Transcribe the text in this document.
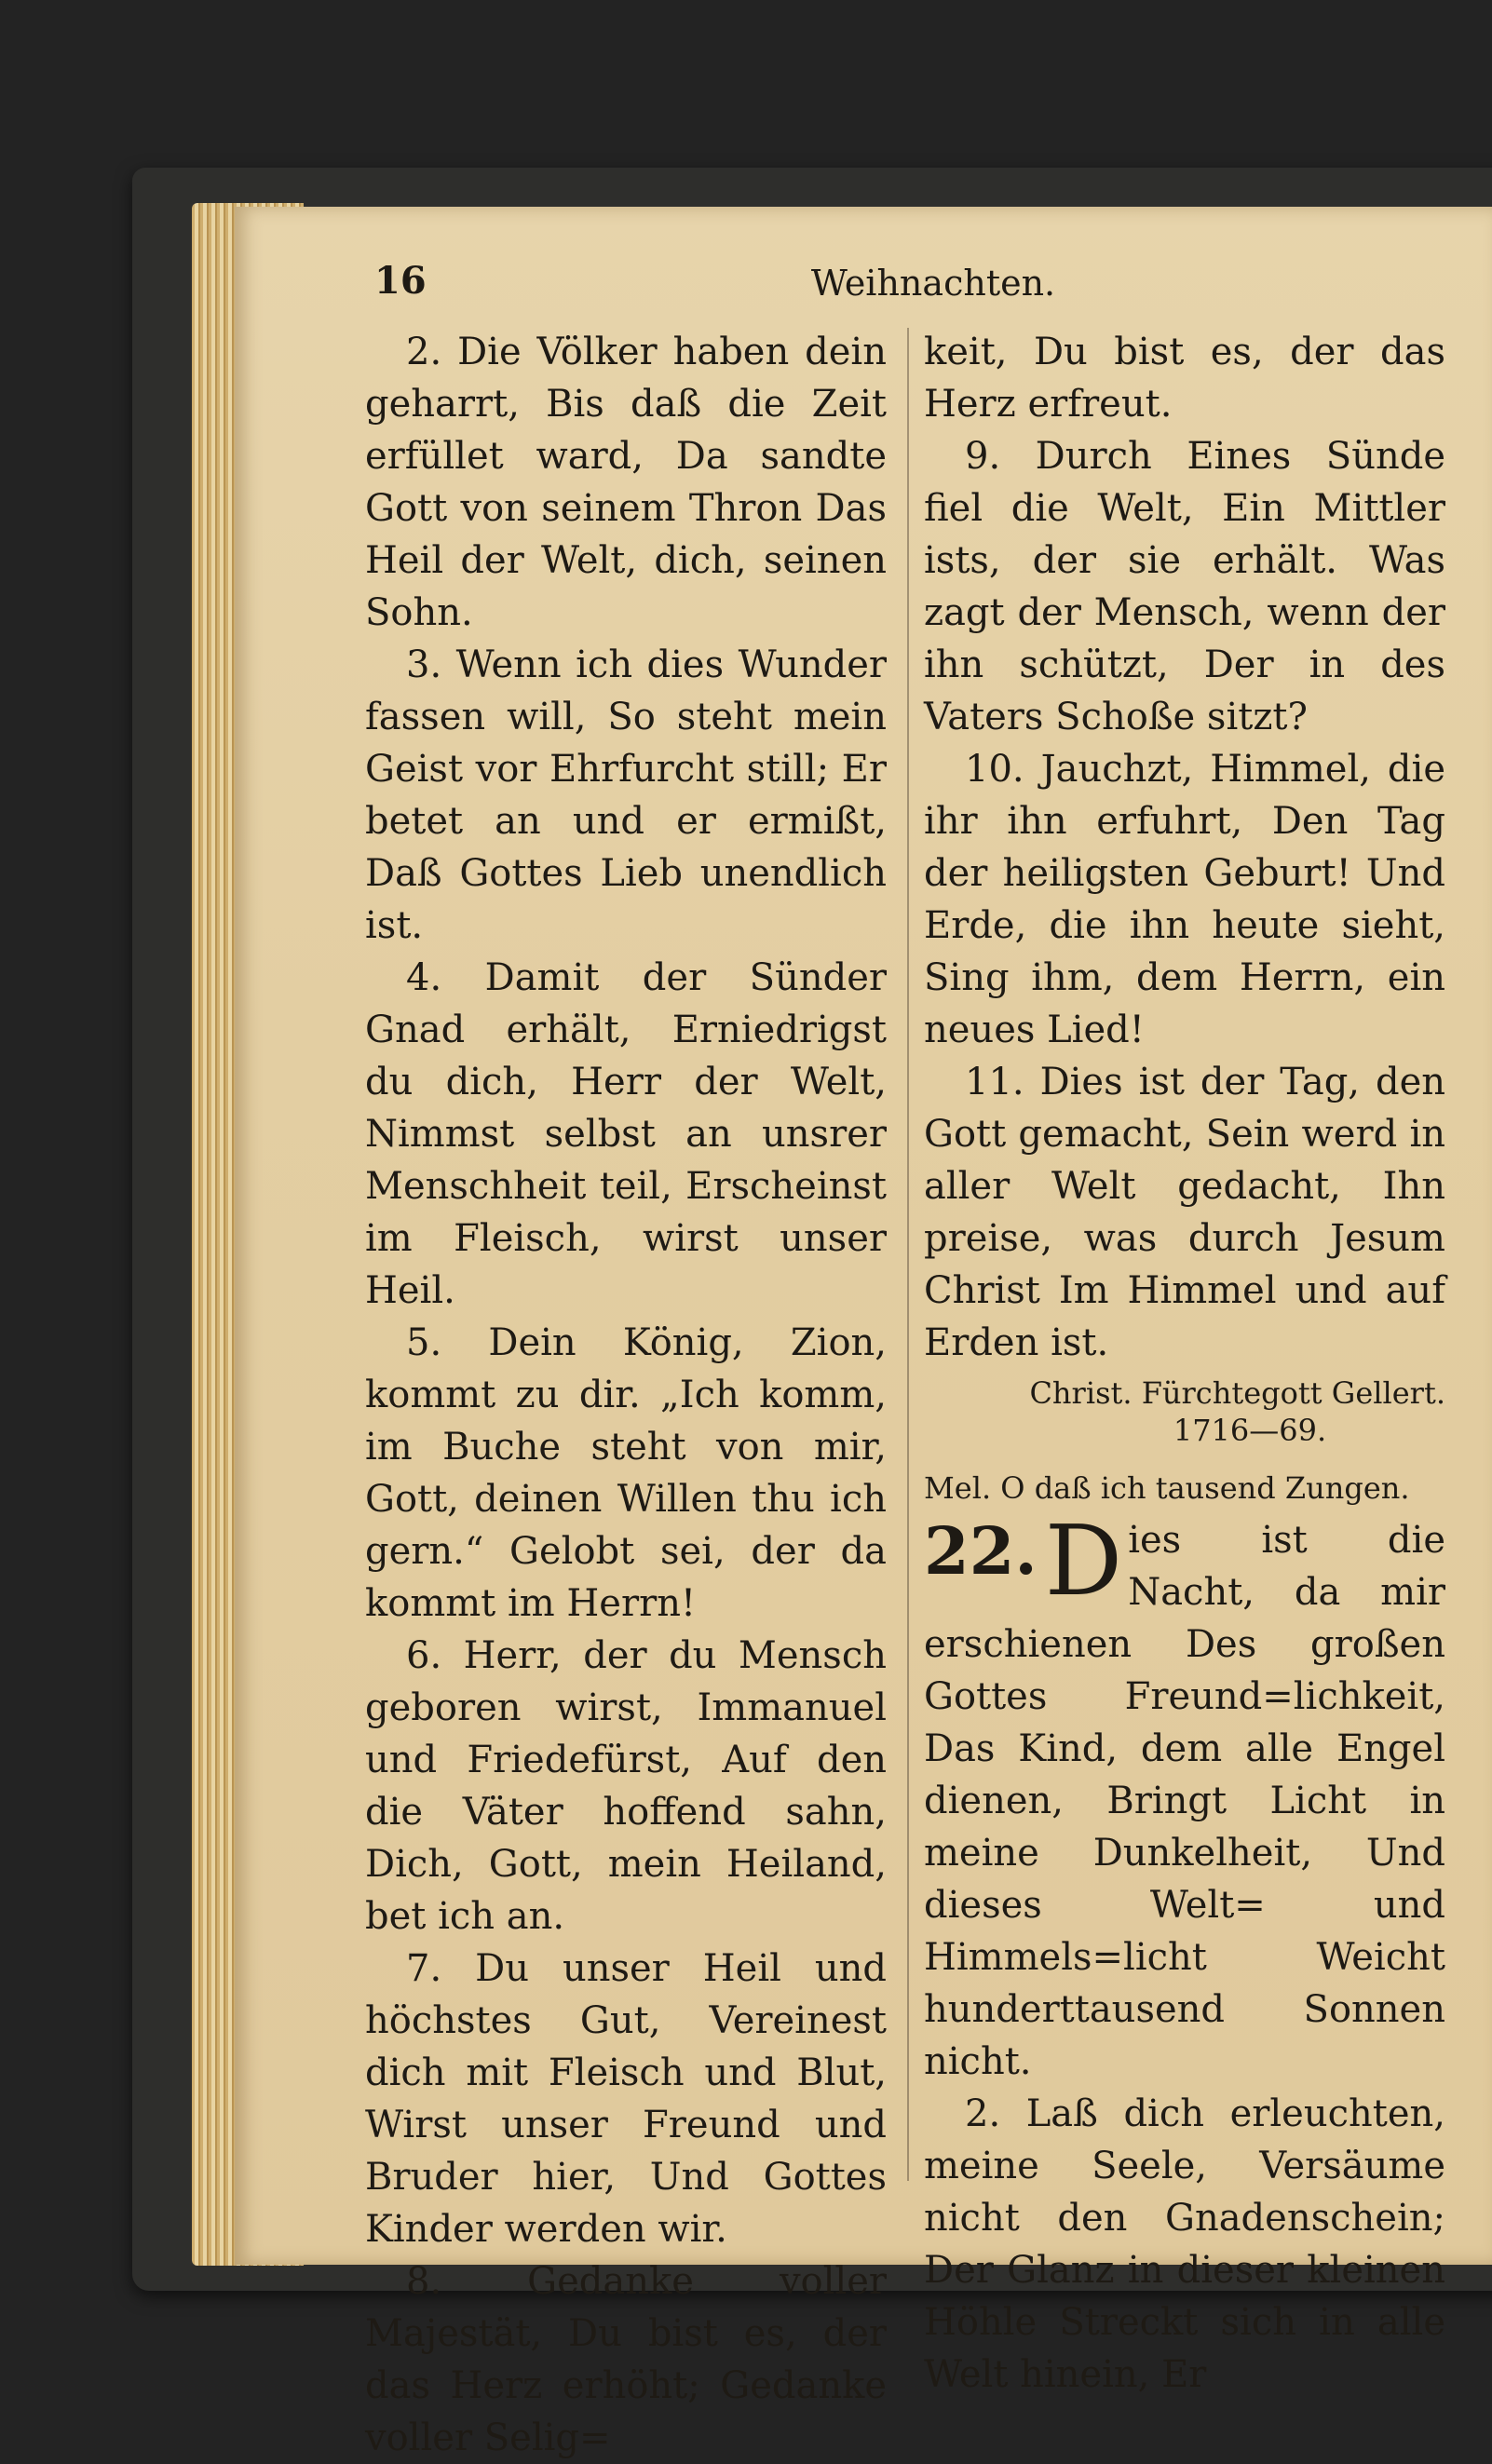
16	Weihnachten.

2. Die Völker haben dein geharrt, Bis daß die Zeit erfüllet ward, Da sandte Gott von seinem Thron Das Heil der Welt, dich, seinen Sohn.

3. Wenn ich dies Wunder fassen will, So steht mein Geist vor Ehrfurcht still; Er betet an und er ermißt, Daß Gottes Lieb unendlich ist.

4. Damit der Sünder Gnad erhält, Erniedrigst du dich, Herr der Welt, Nimmst selbst an unsrer Menschheit teil, Erscheinst im Fleisch, wirst unser Heil.

5. Dein König, Zion, kommt zu dir. „Ich komm, im Buche steht von mir, Gott, deinen Willen thu ich gern.“ Gelobt sei, der da kommt im Herrn!

6. Herr, der du Mensch geboren wirst, Immanuel und Friedefürst, Auf den die Väter hoffend sahn, Dich, Gott, mein Heiland, bet ich an.

7. Du unser Heil und höchstes Gut, Vereinest dich mit Fleisch und Blut, Wirst unser Freund und Bruder hier, Und Gottes Kinder werden wir.

8. Gedanke voller Majestät, Du bist es, der das Herz erhöht; Gedanke voller Selig=

keit, Du bist es, der das Herz erfreut.

9. Durch Eines Sünde fiel die Welt, Ein Mittler ists, der sie erhält. Was zagt der Mensch, wenn der ihn schützt, Der in des Vaters Schoße sitzt?

10. Jauchzt, Himmel, die ihr ihn erfuhrt, Den Tag der heiligsten Geburt! Und Erde, die ihn heute sieht, Sing ihm, dem Herrn, ein neues Lied!

11. Dies ist der Tag, den Gott gemacht, Sein werd in aller Welt gedacht, Ihn preise, was durch Jesum Christ Im Himmel und auf Erden ist.

Christ. Fürchtegott Gellert.
1716—69.
Mel. O daß ich tausend Zungen.

22. D ies ist die Nacht, da mir erschienen Des großen Gottes Freund=lichkeit, Das Kind, dem alle Engel dienen, Bringt Licht in meine Dunkelheit, Und dieses Welt= und Himmels=licht Weicht hunderttausend Sonnen nicht.

2. Laß dich erleuchten, meine Seele, Versäume nicht den Gnadenschein; Der Glanz in dieser kleinen Höhle Streckt sich in alle Welt hinein, Er
